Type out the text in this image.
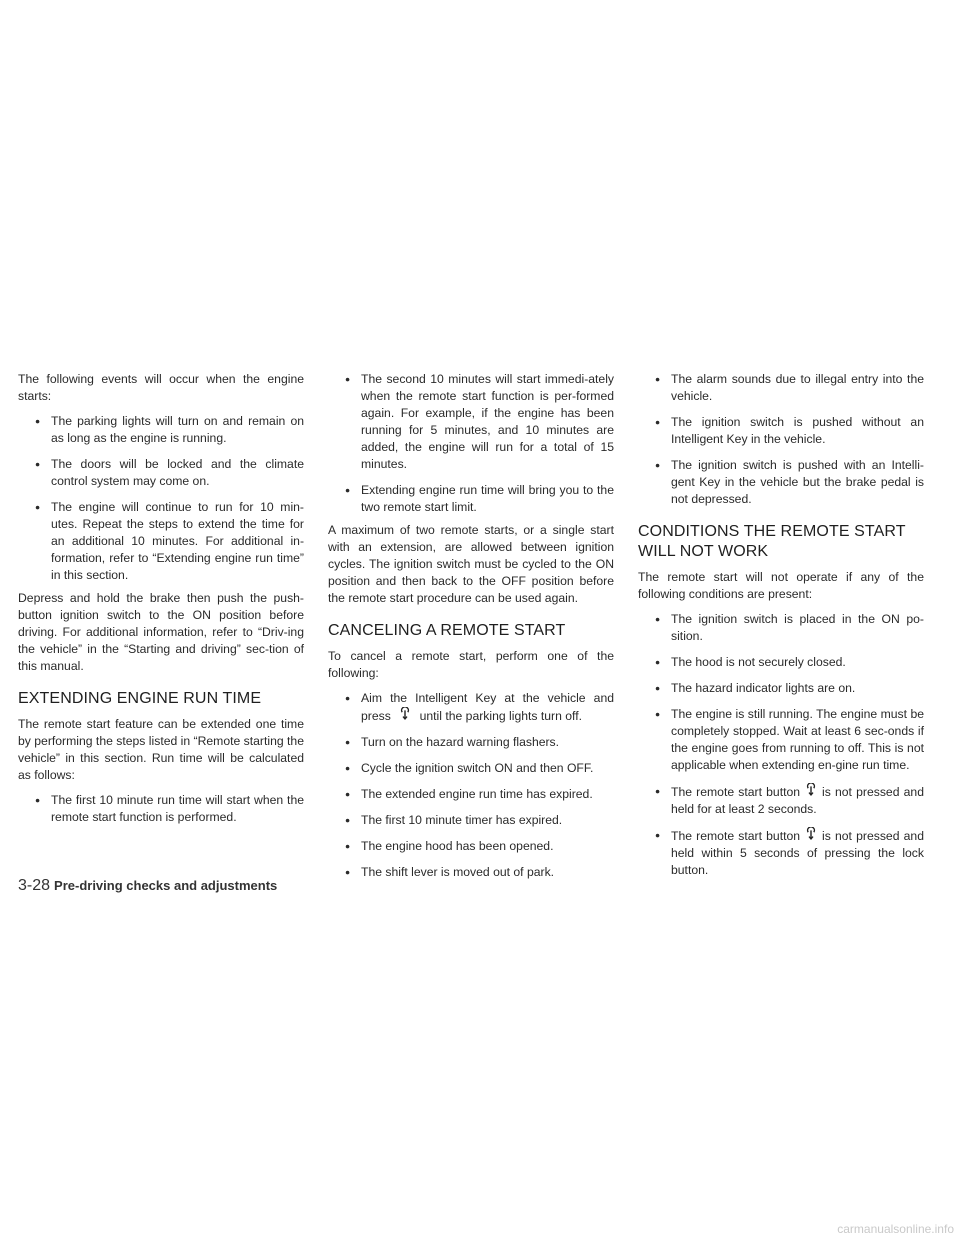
The following events will occur when the engine starts:

● The parking lights will turn on and remain on as long as the engine is running.
● The doors will be locked and the climate control system may come on.
● The engine will continue to run for 10 min-utes. Repeat the steps to extend the time for an additional 10 minutes. For additional in-formation, refer to “Extending engine run time” in this section.

Depress and hold the brake then push the push-button ignition switch to the ON position before driving. For additional information, refer to “Driv-ing the vehicle” in the “Starting and driving” sec-tion of this manual.

EXTENDING ENGINE RUN TIME

The remote start feature can be extended one time by performing the steps listed in “Remote starting the vehicle” in this section. Run time will be calculated as follows:

● The first 10 minute run time will start when the remote start function is performed.
● The second 10 minutes will start immedi-ately when the remote start function is per-formed again. For example, if the engine has been running for 5 minutes, and 10 minutes are added, the engine will run for a total of 15 minutes.
● Extending engine run time will bring you to the two remote start limit.

A maximum of two remote starts, or a single start with an extension, are allowed between ignition cycles. The ignition switch must be cycled to the ON position and then back to the OFF position before the remote start procedure can be used again.

CANCELING A REMOTE START

To cancel a remote start, perform one of the following:

● Aim the Intelligent Key at the vehicle and press until the parking lights turn off.
● Turn on the hazard warning flashers.
● Cycle the ignition switch ON and then OFF.
● The extended engine run time has expired.
● The first 10 minute timer has expired.
● The engine hood has been opened.
● The shift lever is moved out of park.
● The alarm sounds due to illegal entry into the vehicle.
● The ignition switch is pushed without an Intelligent Key in the vehicle.
● The ignition switch is pushed with an Intelli-gent Key in the vehicle but the brake pedal is not depressed.
CONDITIONS THE REMOTE START WILL NOT WORK

The remote start will not operate if any of the following conditions are present:

● The ignition switch is placed in the ON po-sition.
● The hood is not securely closed.
● The hazard indicator lights are on.
● The engine is still running. The engine must be completely stopped. Wait at least 6 sec-onds if the engine goes from running to off. This is not applicable when extending en-gine run time.
● The remote start button is not pressed and held for at least 2 seconds.
● The remote start button is not pressed and held within 5 seconds of pressing the lock button.
3-28 Pre-driving checks and adjustments
carmanualsonline.info
